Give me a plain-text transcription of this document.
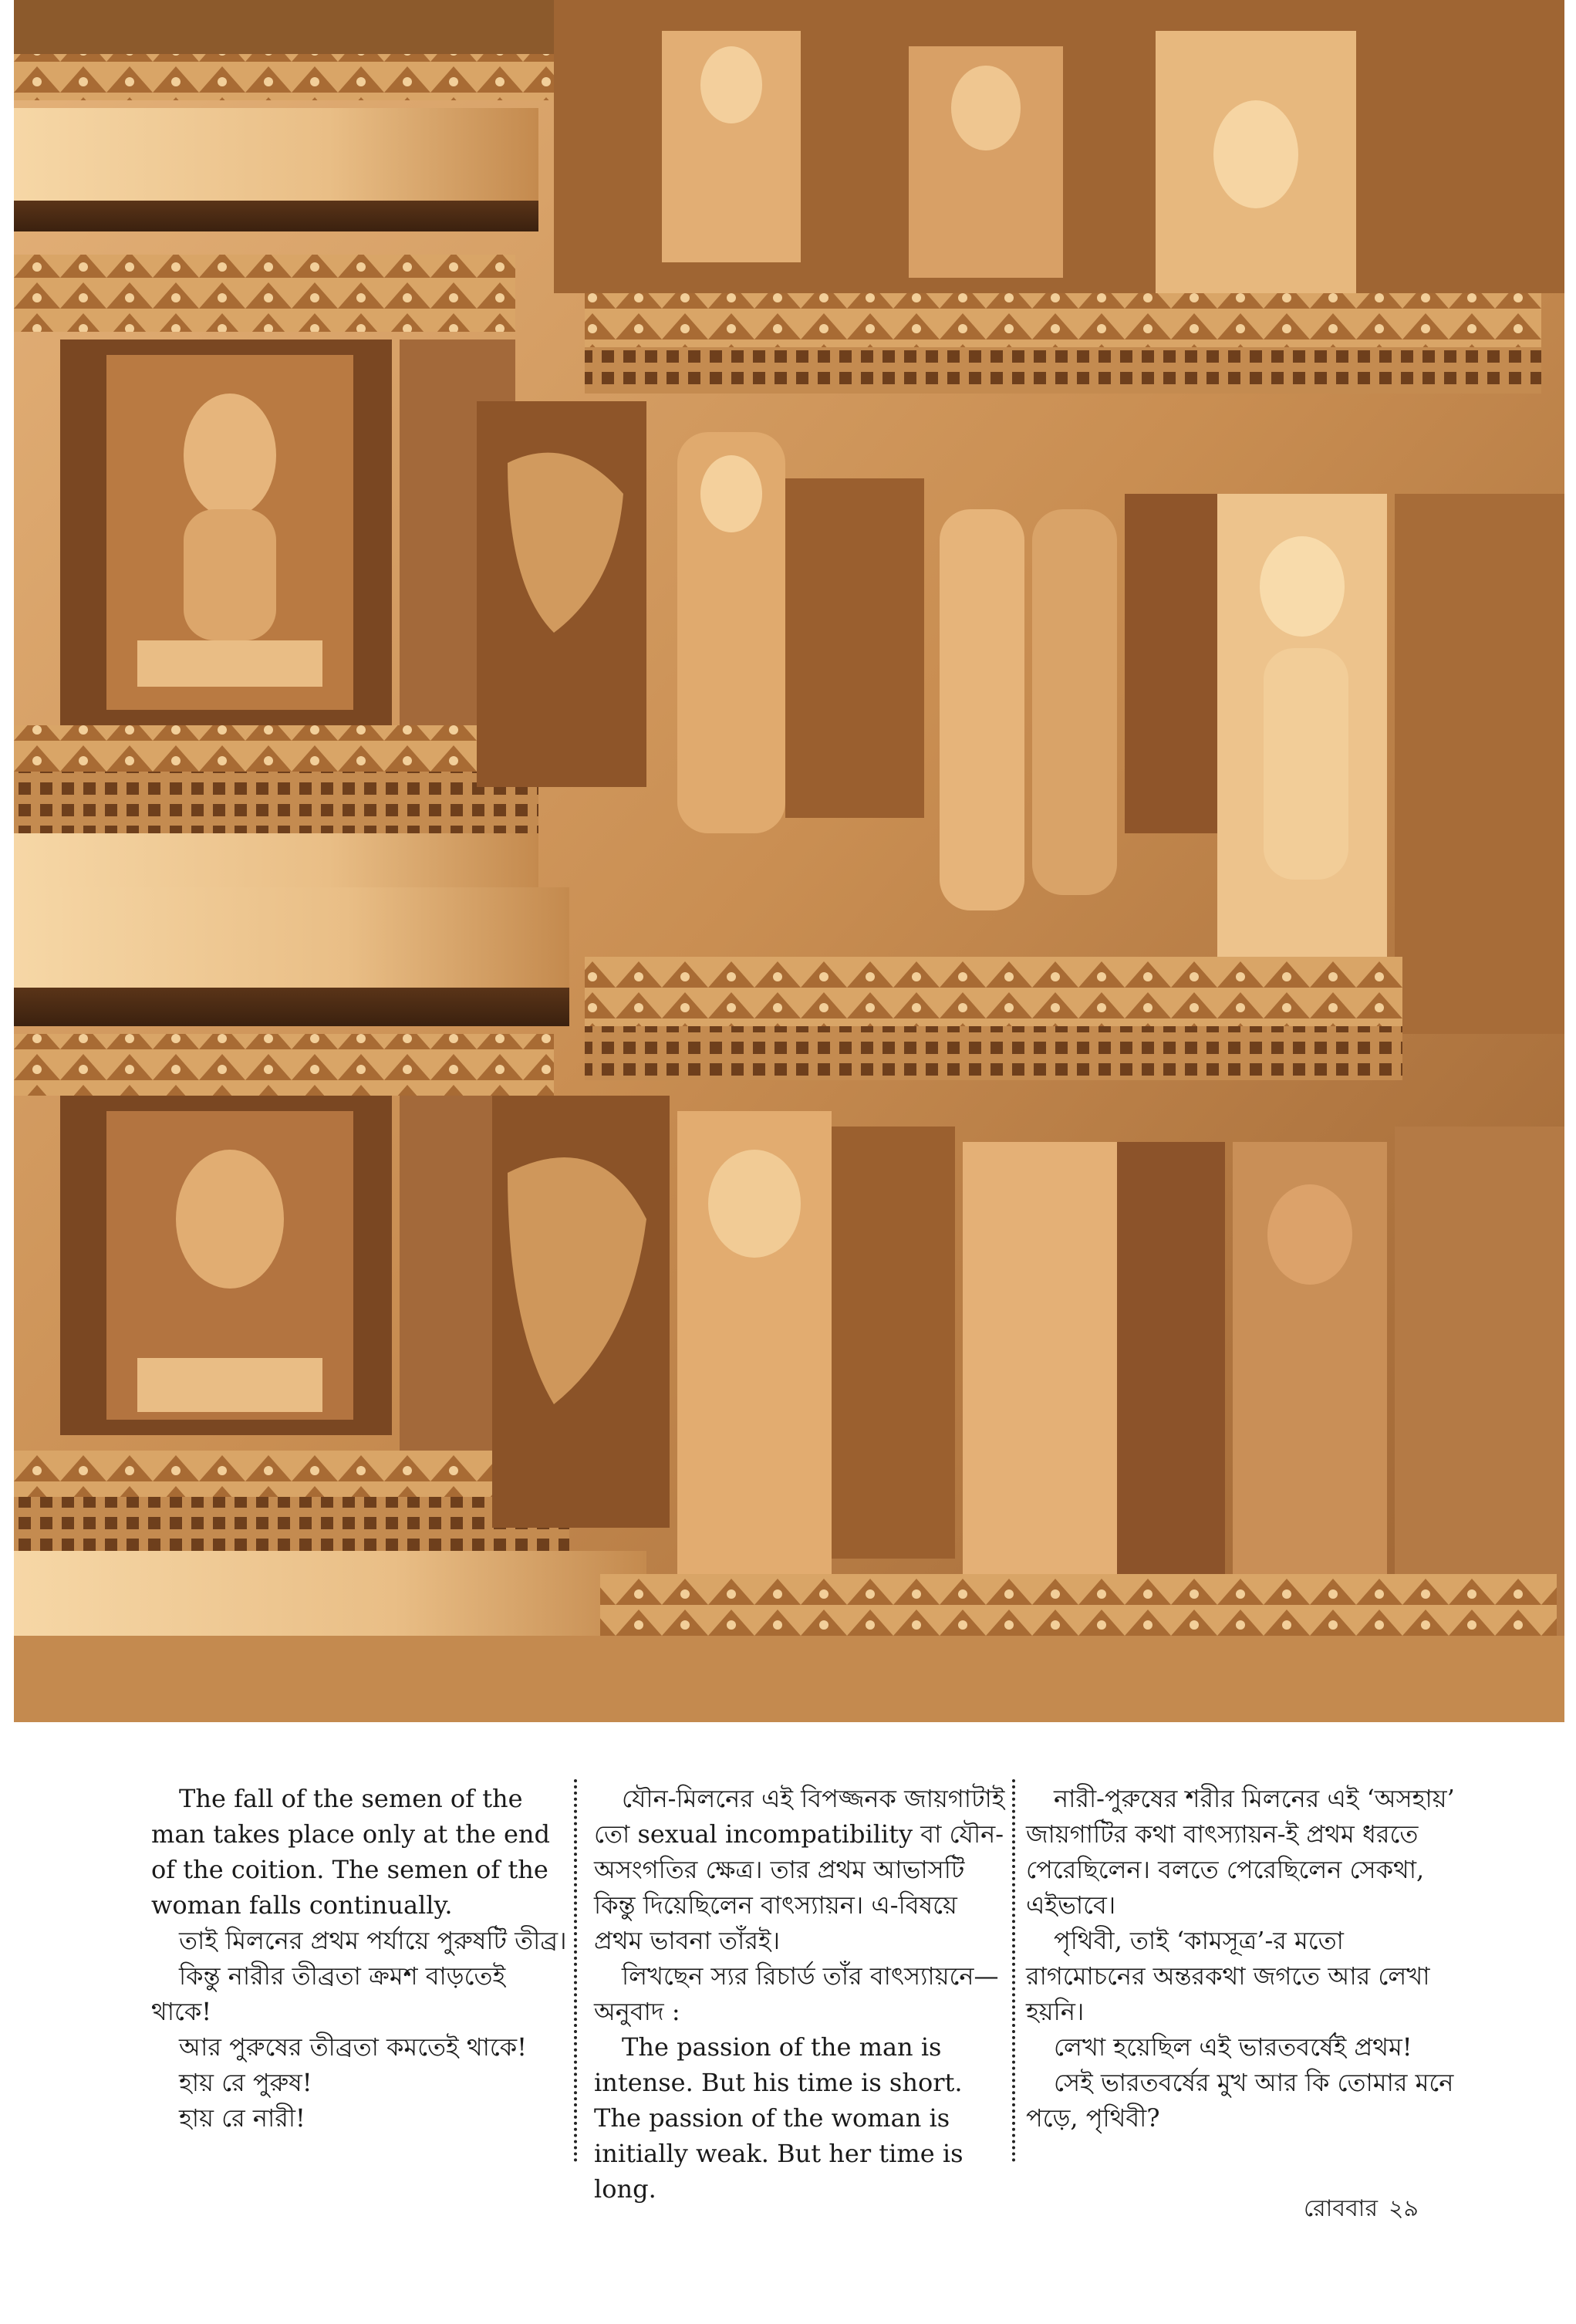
The fall of the semen of the man takes place only at the end of the coition. The semen of the woman falls continually.

তাই মিলনের প্রথম পর্যায়ে পুরুষটি তীব্র।

কিন্তু নারীর তীব্রতা ক্রমশ বাড়তেই থাকে!

আর পুরুষের তীব্রতা কমতেই থাকে!

হায় রে পুরুষ!

হায় রে নারী!

যৌন-মিলনের এই বিপজ্জনক জায়গাটাই তো sexual incompatibility বা যৌন-অসংগতির ক্ষেত্র। তার প্রথম আভাসটি কিন্তু দিয়েছিলেন বাৎস্যায়ন। এ-বিষয়ে প্রথম ভাবনা তাঁরই।

লিখছেন স্যর রিচার্ড তাঁর বাৎস্যায়নে—অনুবাদ :

The passion of the man is intense. But his time is short. The passion of the woman is initially weak. But her time is long.

নারী-পুরুষের শরীর মিলনের এই ‘অসহায়’ জায়গাটির কথা বাৎস্যায়ন-ই প্রথম ধরতে পেরেছিলেন। বলতে পেরেছিলেন সেকথা, এইভাবে।

পৃথিবী, তাই ‘কামসূত্র’-র মতো রাগমোচনের অন্তরকথা জগতে আর লেখা হয়নি।

লেখা হয়েছিল এই ভারতবর্ষেই প্রথম!

সেই ভারতবর্ষের মুখ আর কি তোমার মনে পড়ে, পৃথিবী?

রোববার ২৯
